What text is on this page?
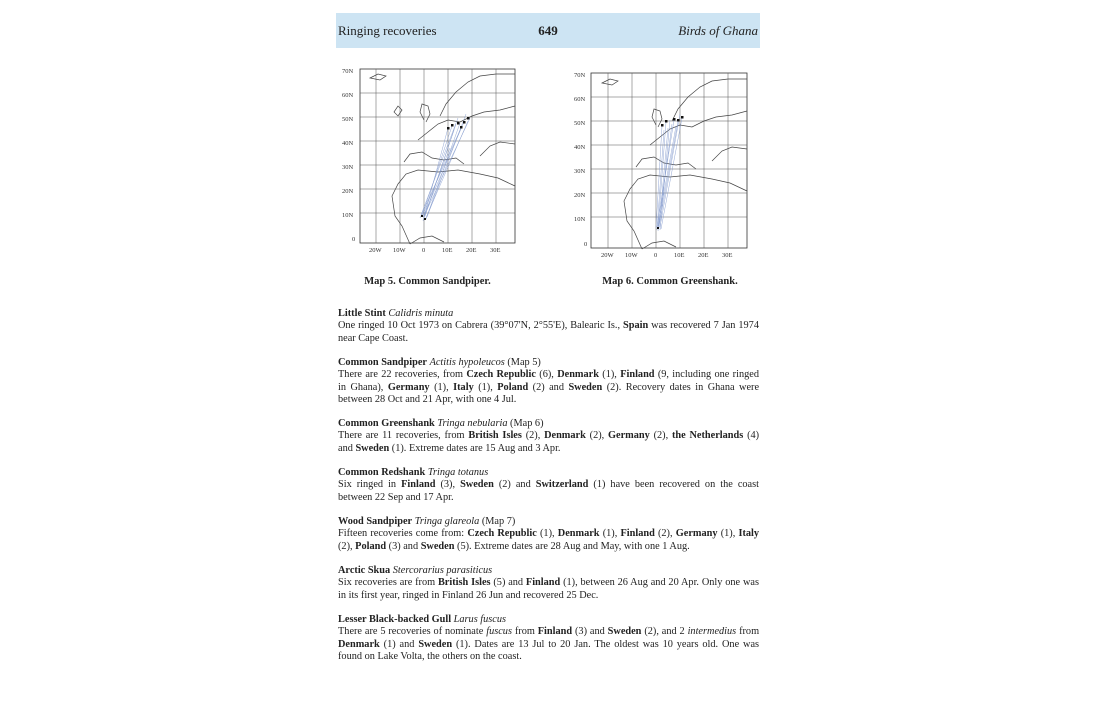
Ringing recoveries	649	Birds of Ghana
70N
60N
50N
40N
30N
20N
10N
0
20W 10W	0	10E 20E 30E
Map 5. Common Sandpiper.
70N
60N
50N
40N
30N
20N
10N
0
20W 10W	0	10E 20E 30E
Map 6. Common Greenshank.

Little Stint Calidris minuta

One ringed 10 Oct 1973 on Cabrera (39°07'N, 2°55'E), Balearic Is., Spain was recovered 7 Jan 1974 near Cape Coast.

Common Sandpiper Actitis hypoleucos (Map 5)

There are 22 recoveries, from Czech Republic (6), Denmark (1), Finland (9, including one ringed in Ghana), Germany (1), Italy (1), Poland (2) and Sweden (2). Recovery dates in Ghana were between 28 Oct and 21 Apr, with one 4 Jul.

Common Greenshank Tringa nebularia (Map 6)

There are 11 recoveries, from British Isles (2), Denmark (2), Germany (2), the Netherlands (4) and Sweden (1). Extreme dates are 15 Aug and 3 Apr.

Common Redshank Tringa totanus

Six ringed in Finland (3), Sweden (2) and Switzerland (1) have been recovered on the coast between 22 Sep and 17 Apr.

Wood Sandpiper Tringa glareola (Map 7)

Fifteen recoveries come from: Czech Republic (1), Denmark (1), Finland (2), Germany (1), Italy (2), Poland (3) and Sweden (5). Extreme dates are 28 Aug and May, with one 1 Aug.

Arctic Skua Stercorarius parasiticus

Six recoveries are from British Isles (5) and Finland (1), between 26 Aug and 20 Apr. Only one was in its first year, ringed in Finland 26 Jun and recovered 25 Dec.

Lesser Black-backed Gull Larus fuscus

There are 5 recoveries of nominate fuscus from Finland (3) and Sweden (2), and 2 intermedius from Denmark (1) and Sweden (1). Dates are 13 Jul to 20 Jan. The oldest was 10 years old. One was found on Lake Volta, the others on the coast.
